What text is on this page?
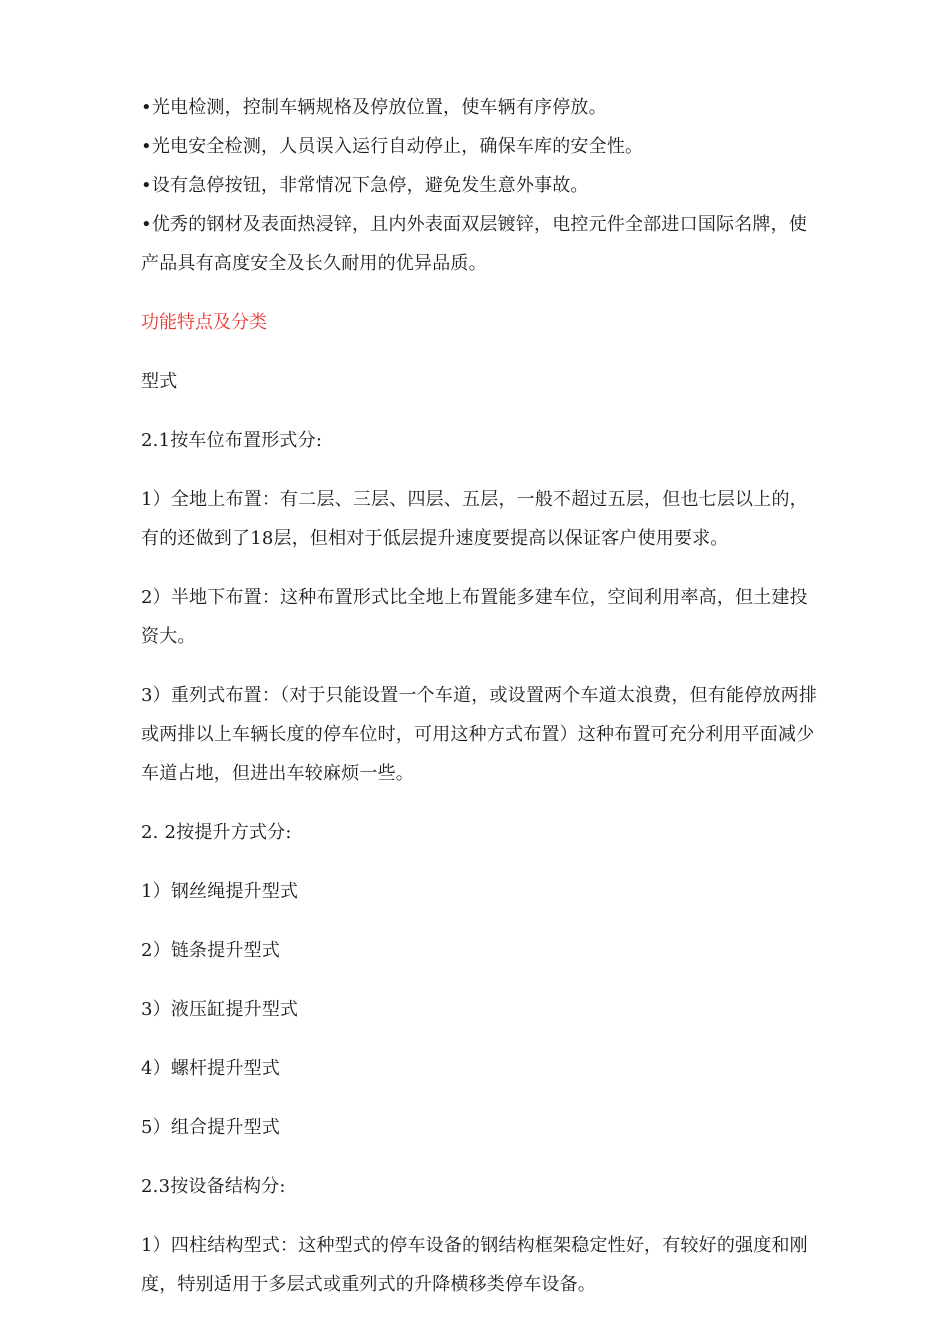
•光电检测，控制车辆规格及停放位置，使车辆有序停放。

•光电安全检测，人员误入运行自动停止，确保车库的安全性。

•设有急停按钮，非常情况下急停，避免发生意外事故。

•优秀的钢材及表面热浸锌，且内外表面双层镀锌，电控元件全部进口国际名牌，使产品具有高度安全及长久耐用的优异品质。

功能特点及分类

型式

2.1按车位布置形式分:

1）全地上布置：有二层、三层、四层、五层，一般不超过五层，但也七层以上的，有的还做到了18层，但相对于低层提升速度要提高以保证客户使用要求。

2）半地下布置：这种布置形式比全地上布置能多建车位，空间利用率高，但土建投资大。

3）重列式布置：（对于只能设置一个车道，或设置两个车道太浪费，但有能停放两排或两排以上车辆长度的停车位时，可用这种方式布置）这种布置可充分利用平面减少车道占地，但进出车较麻烦一些。

2. 2按提升方式分:

1）钢丝绳提升型式

2）链条提升型式

3）液压缸提升型式

4）螺杆提升型式

5）组合提升型式

2.3按设备结构分:

1）四柱结构型式：这种型式的停车设备的钢结构框架稳定性好，有较好的强度和刚度，特别适用于多层式或重列式的升降横移类停车设备。
